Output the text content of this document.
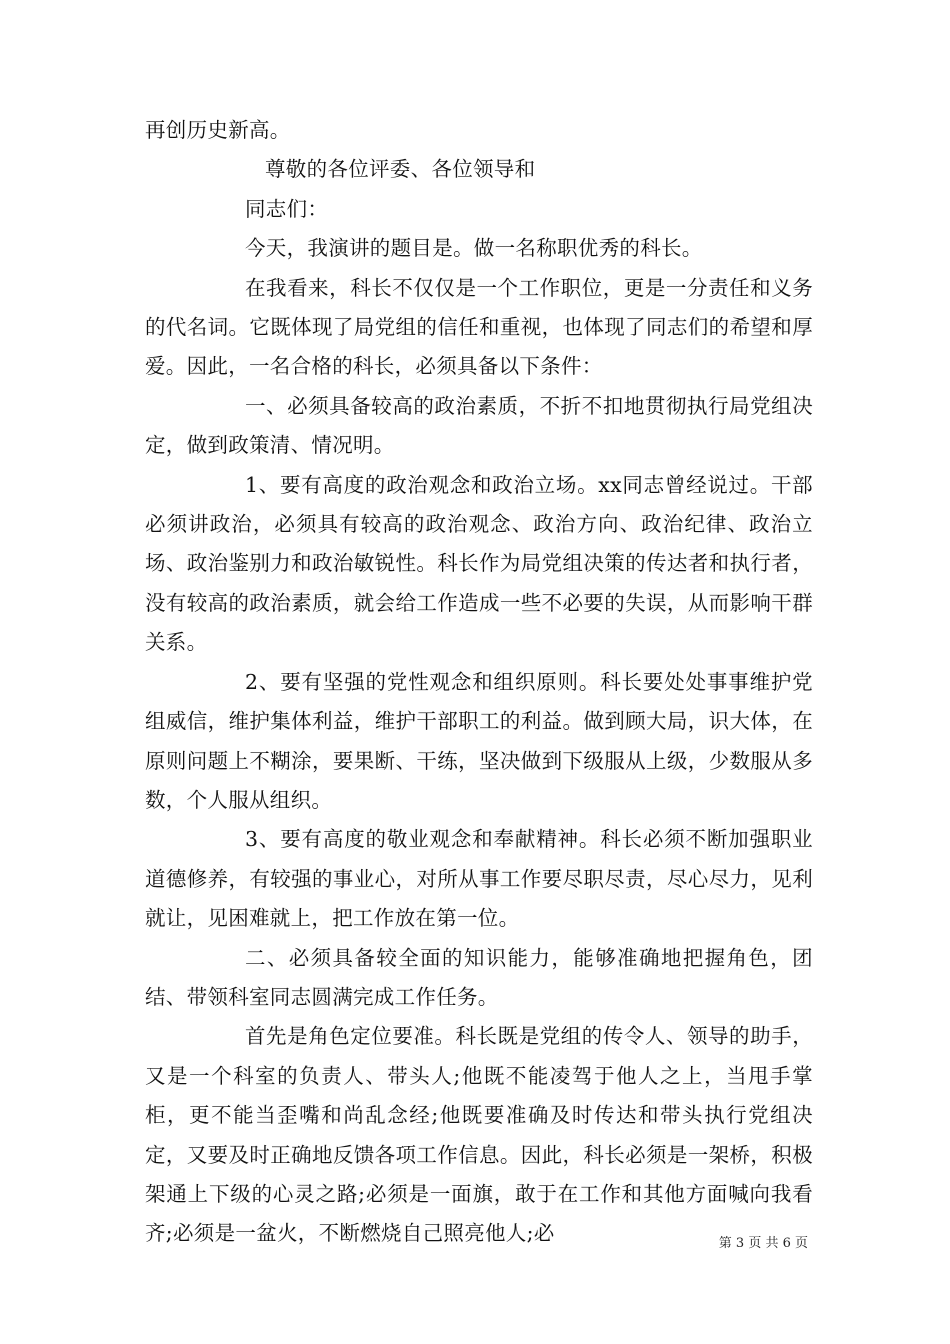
再创历史新高。

尊敬的各位评委、各位领导和

同志们：

今天，我演讲的题目是。做一名称职优秀的科长。

在我看来，科长不仅仅是一个工作职位，更是一分责任和义务的代名词。它既体现了局党组的信任和重视，也体现了同志们的希望和厚爱。因此，一名合格的科长，必须具备以下条件：

一、必须具备较高的政治素质，不折不扣地贯彻执行局党组决定，做到政策清、情况明。

1、要有高度的政治观念和政治立场。xx同志曾经说过。干部必须讲政治，必须具有较高的政治观念、政治方向、政治纪律、政治立场、政治鉴别力和政治敏锐性。科长作为局党组决策的传达者和执行者，没有较高的政治素质，就会给工作造成一些不必要的失误，从而影响干群关系。

2、要有坚强的党性观念和组织原则。科长要处处事事维护党组威信，维护集体利益，维护干部职工的利益。做到顾大局，识大体，在原则问题上不糊涂，要果断、干练，坚决做到下级服从上级，少数服从多数，个人服从组织。

3、要有高度的敬业观念和奉献精神。科长必须不断加强职业道德修养，有较强的事业心，对所从事工作要尽职尽责，尽心尽力，见利就让，见困难就上，把工作放在第一位。

二、必须具备较全面的知识能力，能够准确地把握角色，团结、带领科室同志圆满完成工作任务。

首先是角色定位要准。科长既是党组的传令人、领导的助手，又是一个科室的负责人、带头人;他既不能凌驾于他人之上，当甩手掌柜，更不能当歪嘴和尚乱念经;他既要准确及时传达和带头执行党组决定，又要及时正确地反馈各项工作信息。因此，科长必须是一架桥，积极架通上下级的心灵之路;必须是一面旗，敢于在工作和其他方面喊向我看齐;必须是一盆火，不断燃烧自己照亮他人;必	第 3 页 共 6 页
